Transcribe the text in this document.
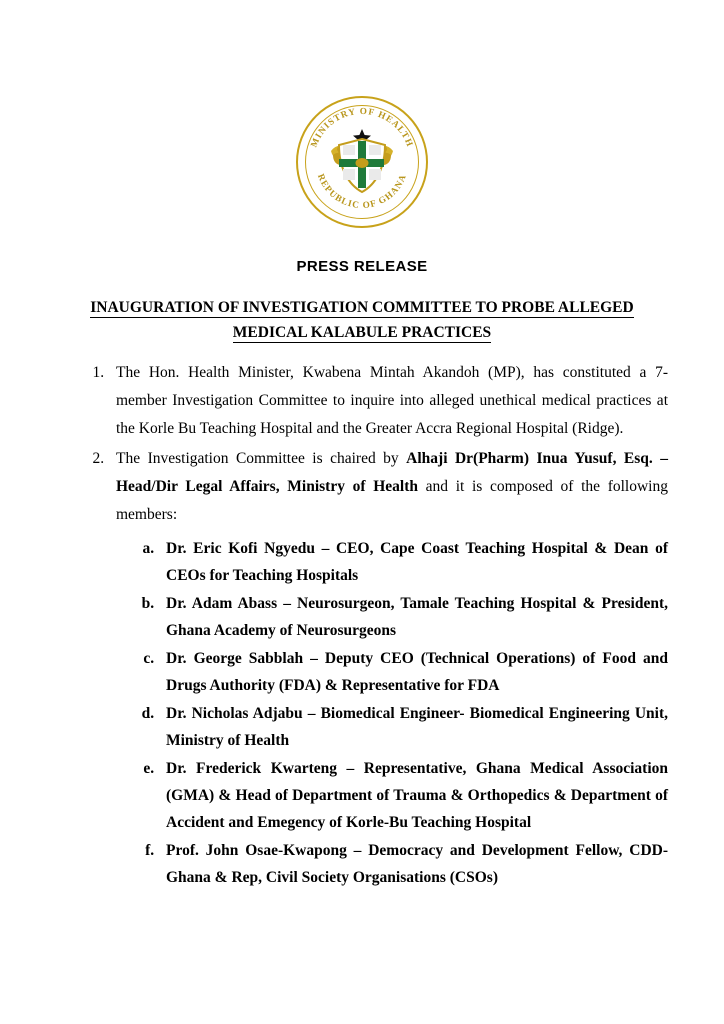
MINISTRY OF HEALTH
REPUBLIC OF GHANA
PRESS RELEASE
INAUGURATION OF INVESTIGATION COMMITTEE TO PROBE ALLEGED
MEDICAL KALABULE PRACTICES
1. The Hon. Health Minister, Kwabena Mintah Akandoh (MP), has constituted a 7- member Investigation Committee to inquire into alleged unethical medical practices at the Korle Bu Teaching Hospital and the Greater Accra Regional Hospital (Ridge).
2. The Investigation Committee is chaired by Alhaji Dr(Pharm) Inua Yusuf, Esq. – Head/Dir Legal Affairs, Ministry of Health and it is composed of the following members:
a. Dr. Eric Kofi Ngyedu – CEO, Cape Coast Teaching Hospital & Dean of CEOs for Teaching Hospitals
b. Dr. Adam Abass – Neurosurgeon, Tamale Teaching Hospital & President, Ghana Academy of Neurosurgeons
c. Dr. George Sabblah – Deputy CEO (Technical Operations) of Food and Drugs Authority (FDA) & Representative for FDA
d. Dr. Nicholas Adjabu – Biomedical Engineer- Biomedical Engineering Unit, Ministry of Health
e. Dr. Frederick Kwarteng – Representative, Ghana Medical Association (GMA) & Head of Department of Trauma & Orthopedics & Department of Accident and Emegency of Korle-Bu Teaching Hospital
f. Prof. John Osae-Kwapong – Democracy and Development Fellow, CDD-Ghana & Rep, Civil Society Organisations (CSOs)
